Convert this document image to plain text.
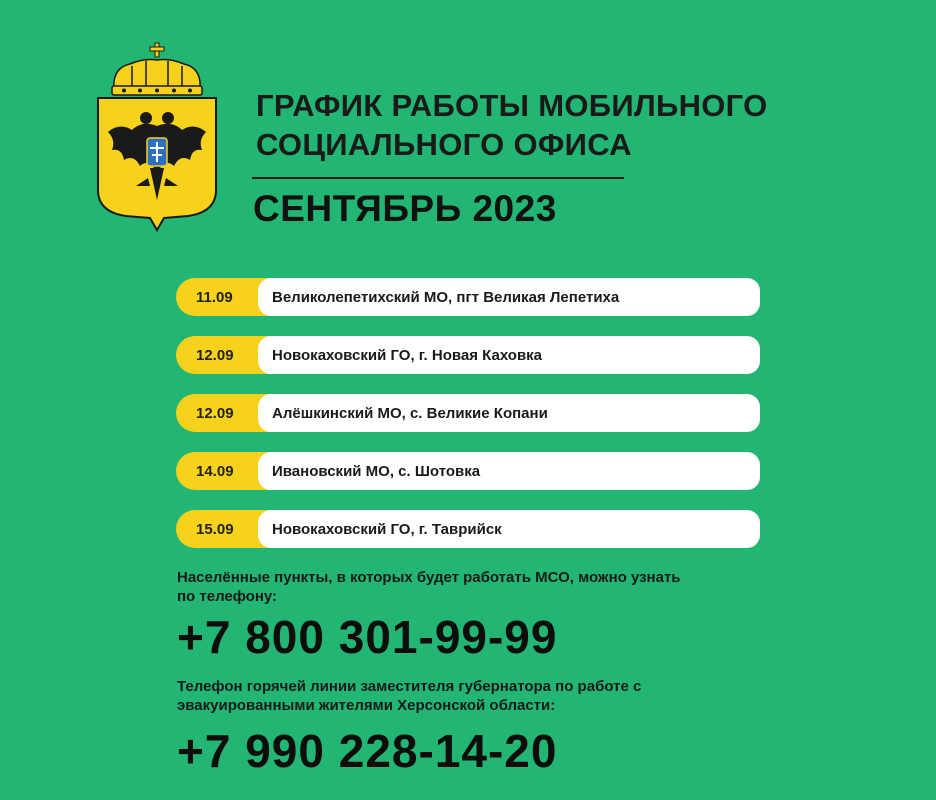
ГРАФИК РАБОТЫ МОБИЛЬНОГО
СОЦИАЛЬНОГО ОФИСА
СЕНТЯБРЬ 2023
11.09	Великолепетихский МО, пгт Великая Лепетиха
12.09	Новокаховский ГО, г. Новая Каховка
12.09	Алёшкинский МО, с. Великие Копани
14.09	Ивановский МО, с. Шотовка
15.09	Новокаховский ГО, г. Таврийск
Населённые пункты, в которых будет работать МСО, можно узнать
по телефону:
+7 800 301-99-99
Телефон горячей линии заместителя губернатора по работе с
эвакуированными жителями Херсонской области:
+7 990 228-14-20
